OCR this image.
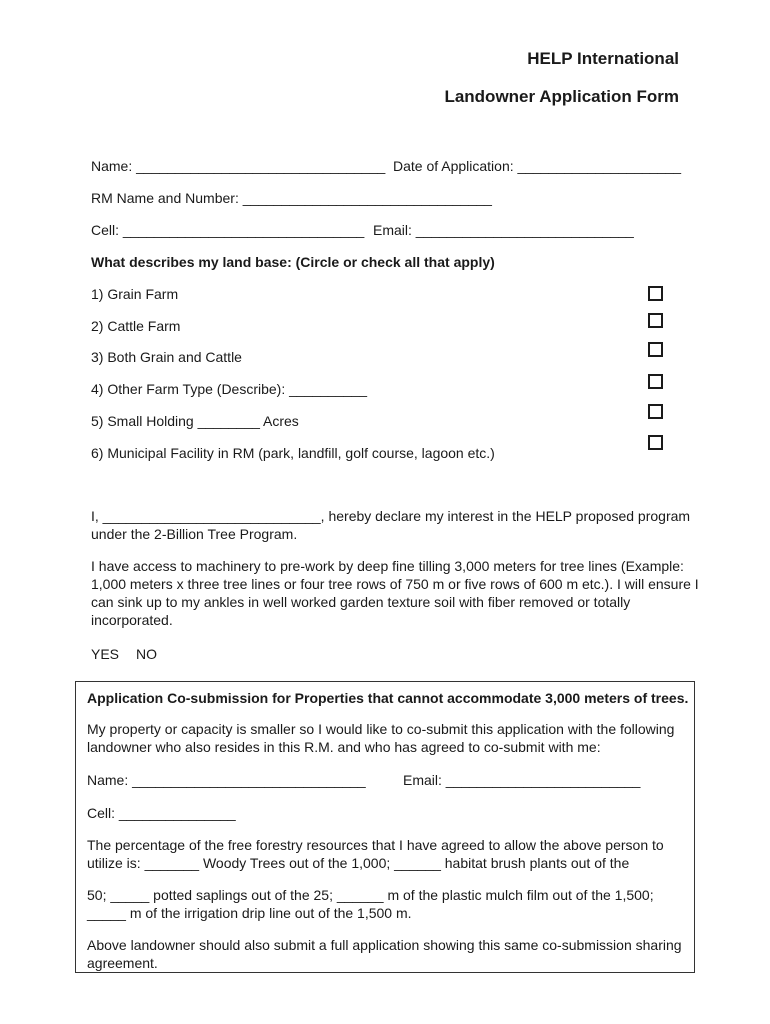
HELP International
Landowner Application Form
Name: ________________________________ Date of Application: _____________________
RM Name and Number: ________________________________
Cell: _______________________________ Email: ____________________________
What describes my land base: (Circle or check all that apply)
1) Grain Farm
2) Cattle Farm
3) Both Grain and Cattle
4) Other Farm Type (Describe): __________
5) Small Holding ________ Acres
6) Municipal Facility in RM (park, landfill, golf course, lagoon etc.)
I, ____________________________, hereby declare my interest in the HELP proposed program under the 2-Billion Tree Program.
I have access to machinery to pre-work by deep fine tilling 3,000 meters for tree lines (Example: 1,000 meters x three tree lines or four tree rows of 750 m or five rows of 600 m etc.). I will ensure I can sink up to my ankles in well worked garden texture soil with fiber removed or totally incorporated.
YES NO
Application Co-submission for Properties that cannot accommodate 3,000 meters of trees.
My property or capacity is smaller so I would like to co-submit this application with the following landowner who also resides in this R.M. and who has agreed to co-submit with me:
Name: ______________________________	Email: _________________________
Cell: _______________
The percentage of the free forestry resources that I have agreed to allow the above person to utilize is: _______ Woody Trees out of the 1,000; ______ habitat brush plants out of the
50; _____ potted saplings out of the 25; ______ m of the plastic mulch film out of the 1,500; _____ m of the irrigation drip line out of the 1,500 m.
Above landowner should also submit a full application showing this same co-submission sharing agreement.
